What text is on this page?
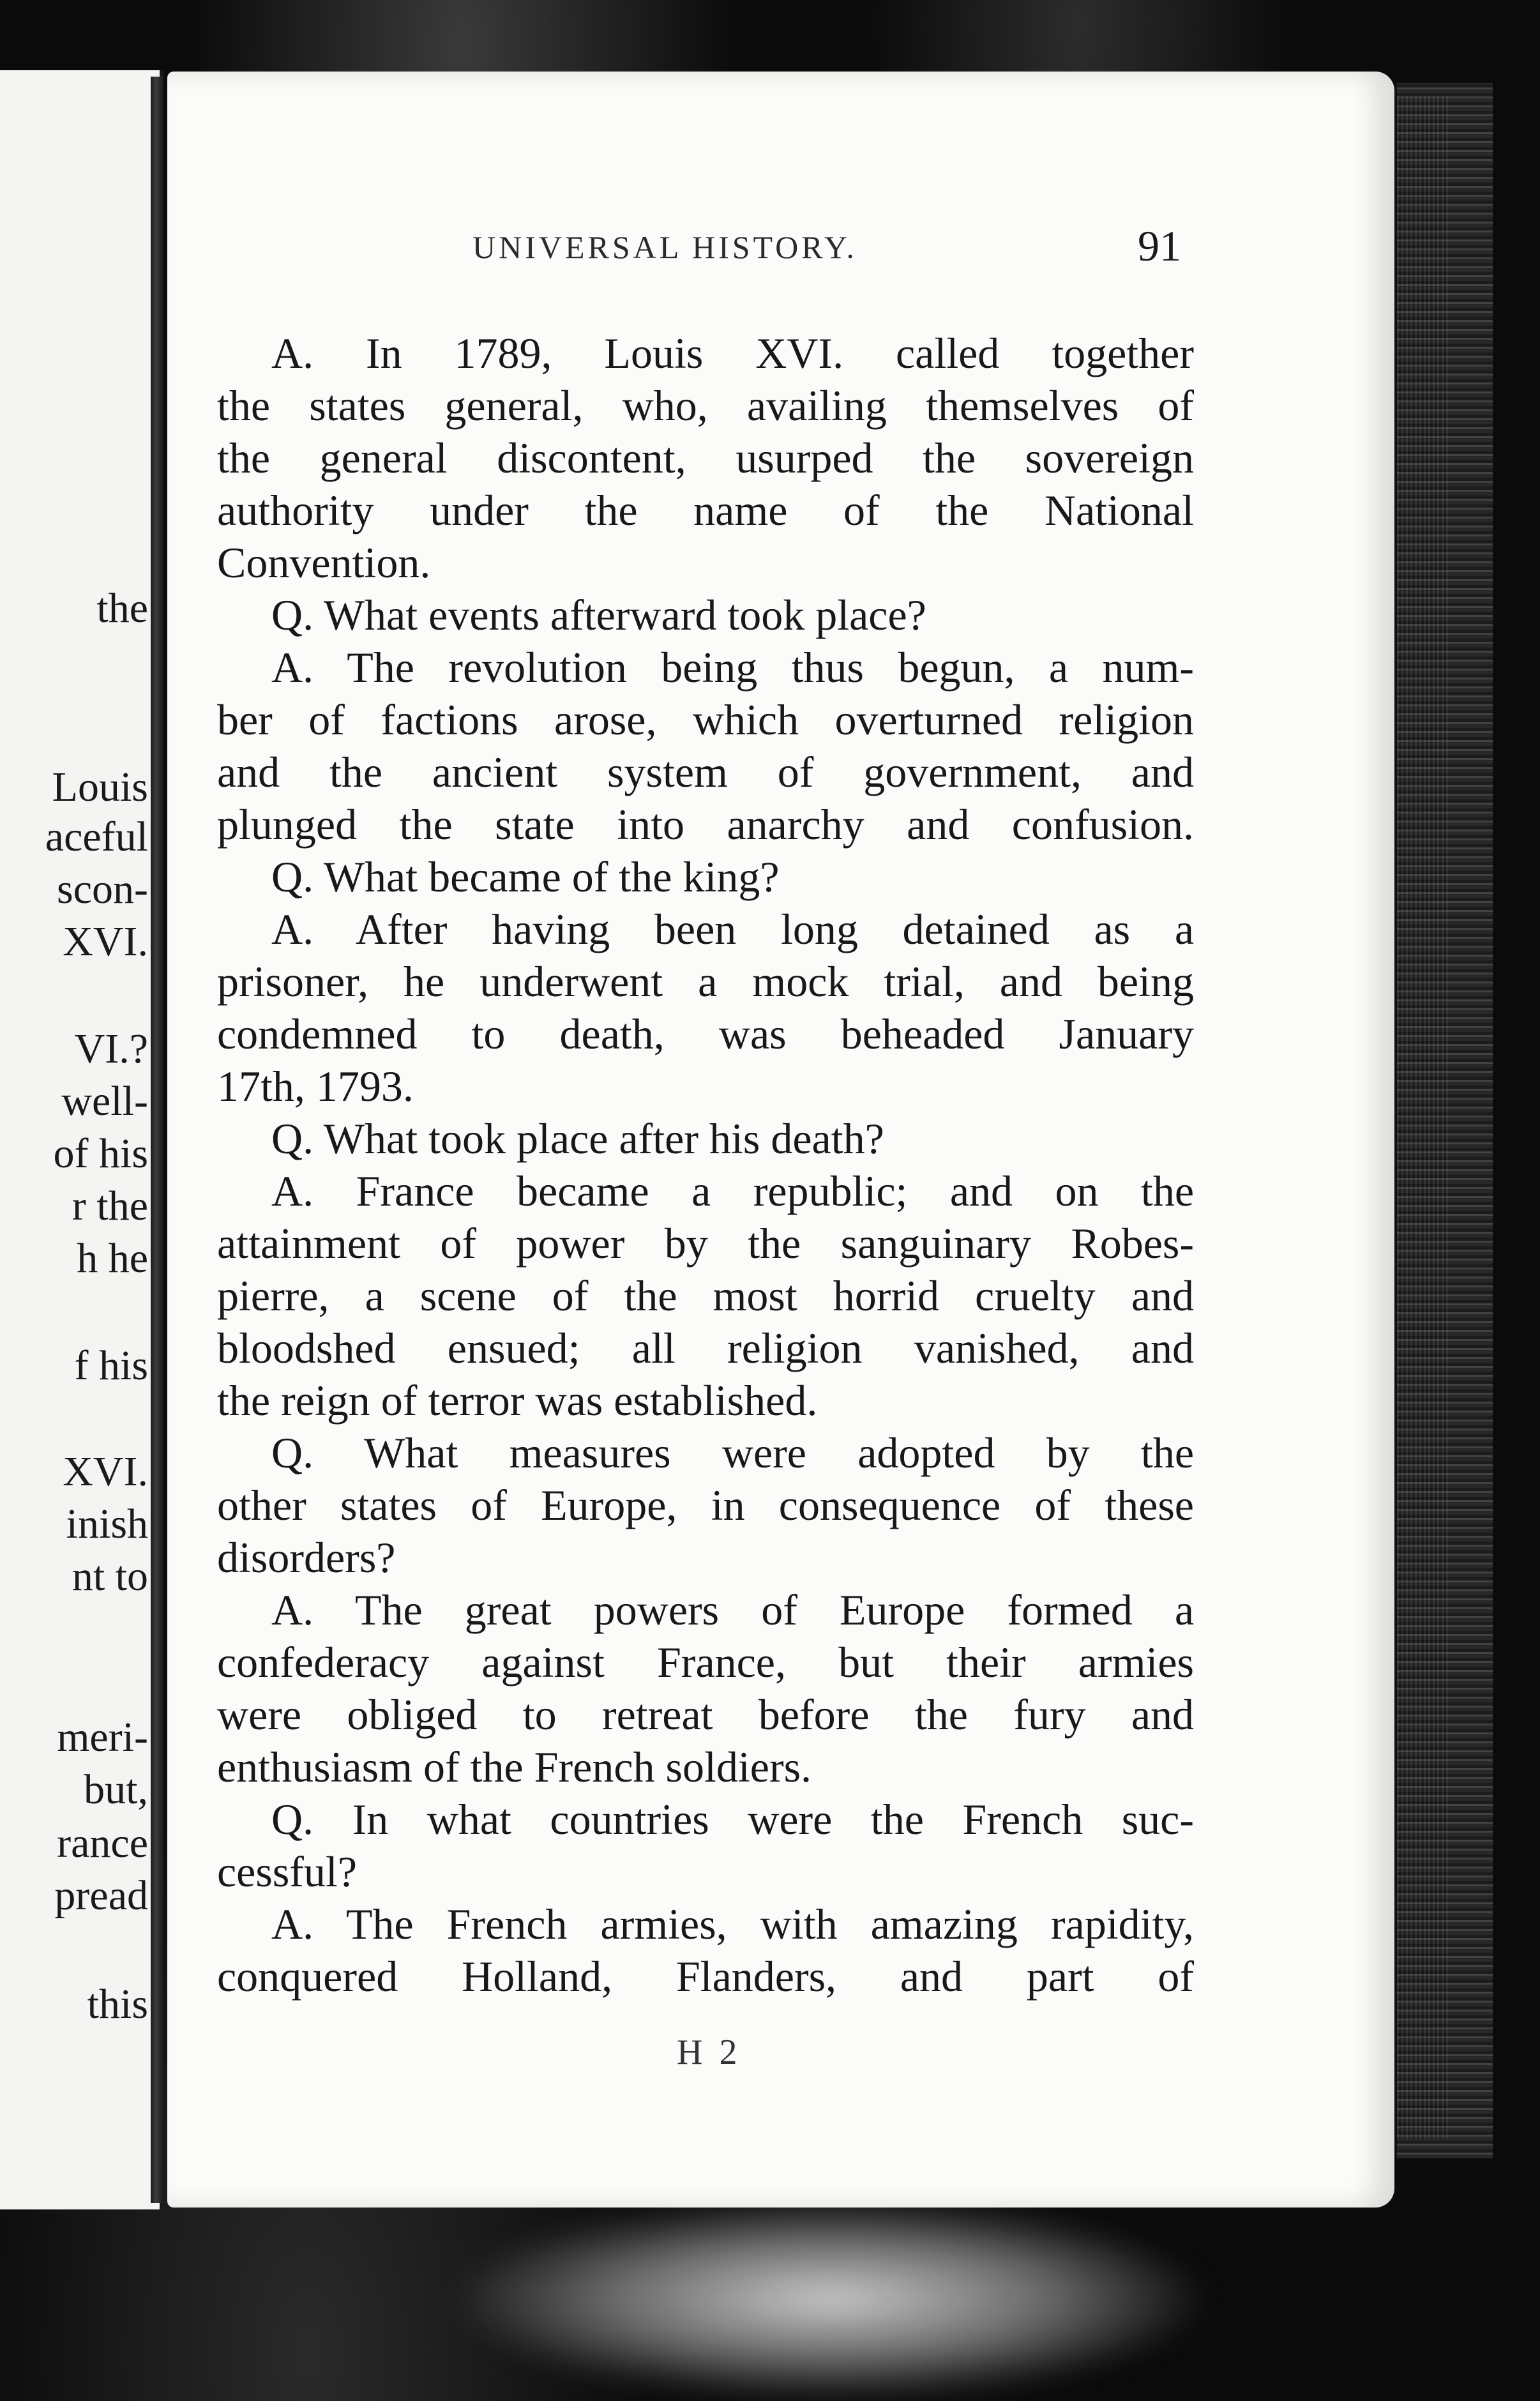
the
Louis
aceful
scon-
XVI.
VI.?
well-
of his
r the
h he
f his
XVI.
inish
nt to
meri-
but,
rance
pread
this
UNIVERSAL HISTORY.	91
A. In 1789, Louis XVI. called together
the states general, who, availing themselves of
the general discontent, usurped the sovereign
authority under the name of the National
Convention.
Q. What events afterward took place?
A. The revolution being thus begun, a num-
ber of factions arose, which overturned religion
and the ancient system of government, and
plunged the state into anarchy and confusion.
Q. What became of the king?
A. After having been long detained as a
prisoner, he underwent a mock trial, and being
condemned to death, was beheaded January
17th, 1793.
Q. What took place after his death?
A. France became a republic; and on the
attainment of power by the sanguinary Robes-
pierre, a scene of the most horrid cruelty and
bloodshed ensued; all religion vanished, and
the reign of terror was established.
Q. What measures were adopted by the
other states of Europe, in consequence of these
disorders?
A. The great powers of Europe formed a
confederacy against France, but their armies
were obliged to retreat before the fury and
enthusiasm of the French soldiers.
Q. In what countries were the French suc-
cessful?
A. The French armies, with amazing rapidity,
conquered Holland, Flanders, and part of
H 2
